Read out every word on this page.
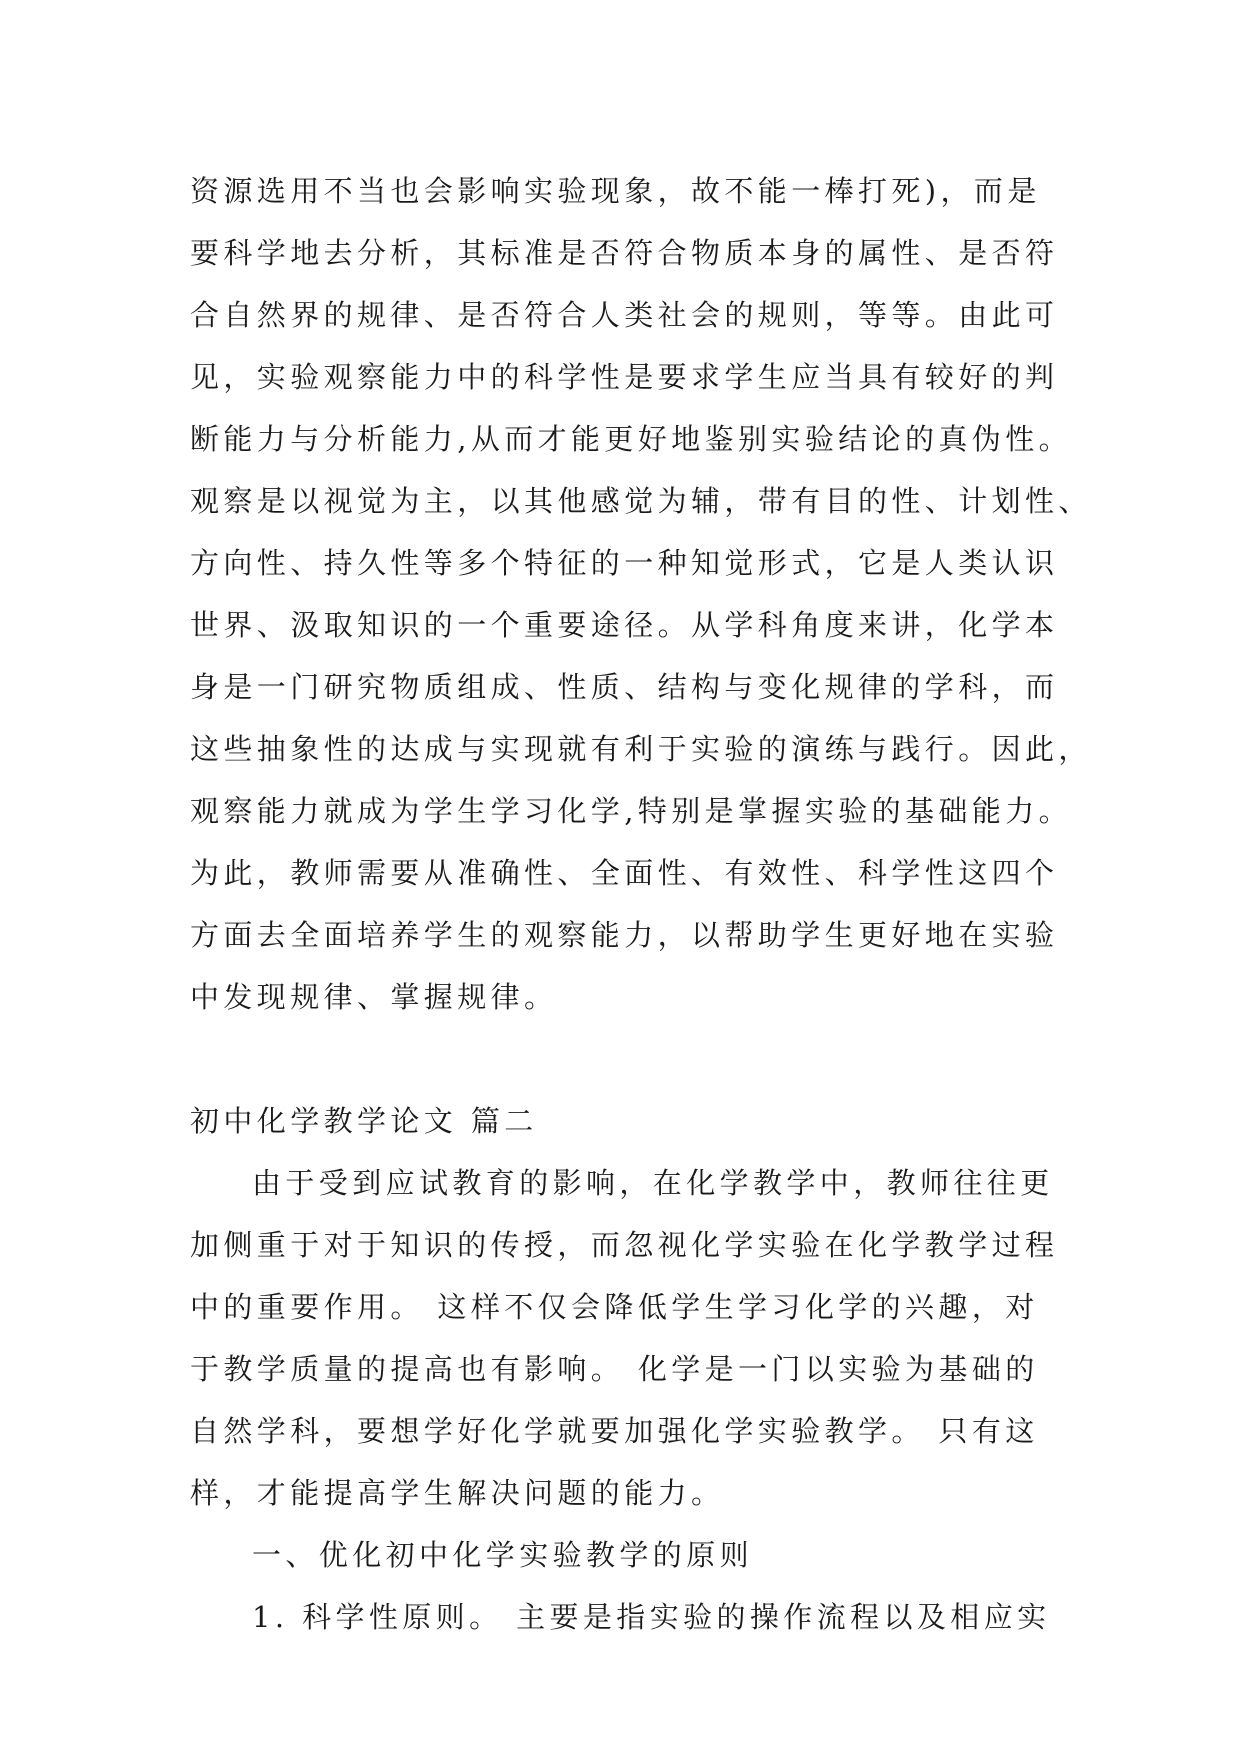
资源选用不当也会影响实验现象，故不能一棒打死)，而是
要科学地去分析，其标准是否符合物质本身的属性、是否符
合自然界的规律、是否符合人类社会的规则，等等。由此可
见，实验观察能力中的科学性是要求学生应当具有较好的判
断能力与分析能力,从而才能更好地鉴别实验结论的真伪性。
观察是以视觉为主，以其他感觉为辅，带有目的性、计划性、
方向性、持久性等多个特征的一种知觉形式，它是人类认识
世界、汲取知识的一个重要途径。从学科角度来讲，化学本
身是一门研究物质组成、性质、结构与变化规律的学科，而
这些抽象性的达成与实现就有利于实验的演练与践行。因此，
观察能力就成为学生学习化学,特别是掌握实验的基础能力。
为此，教师需要从准确性、全面性、有效性、科学性这四个
方面去全面培养学生的观察能力，以帮助学生更好地在实验
中发现规律、掌握规律。
初中化学教学论文 篇二
由于受到应试教育的影响，在化学教学中，教师往往更
加侧重于对于知识的传授，而忽视化学实验在化学教学过程
中的重要作用。 这样不仅会降低学生学习化学的兴趣，对
于教学质量的提高也有影响。 化学是一门以实验为基础的
自然学科，要想学好化学就要加强化学实验教学。 只有这
样，才能提高学生解决问题的能力。
一、优化初中化学实验教学的原则
1. 科学性原则。 主要是指实验的操作流程以及相应实
